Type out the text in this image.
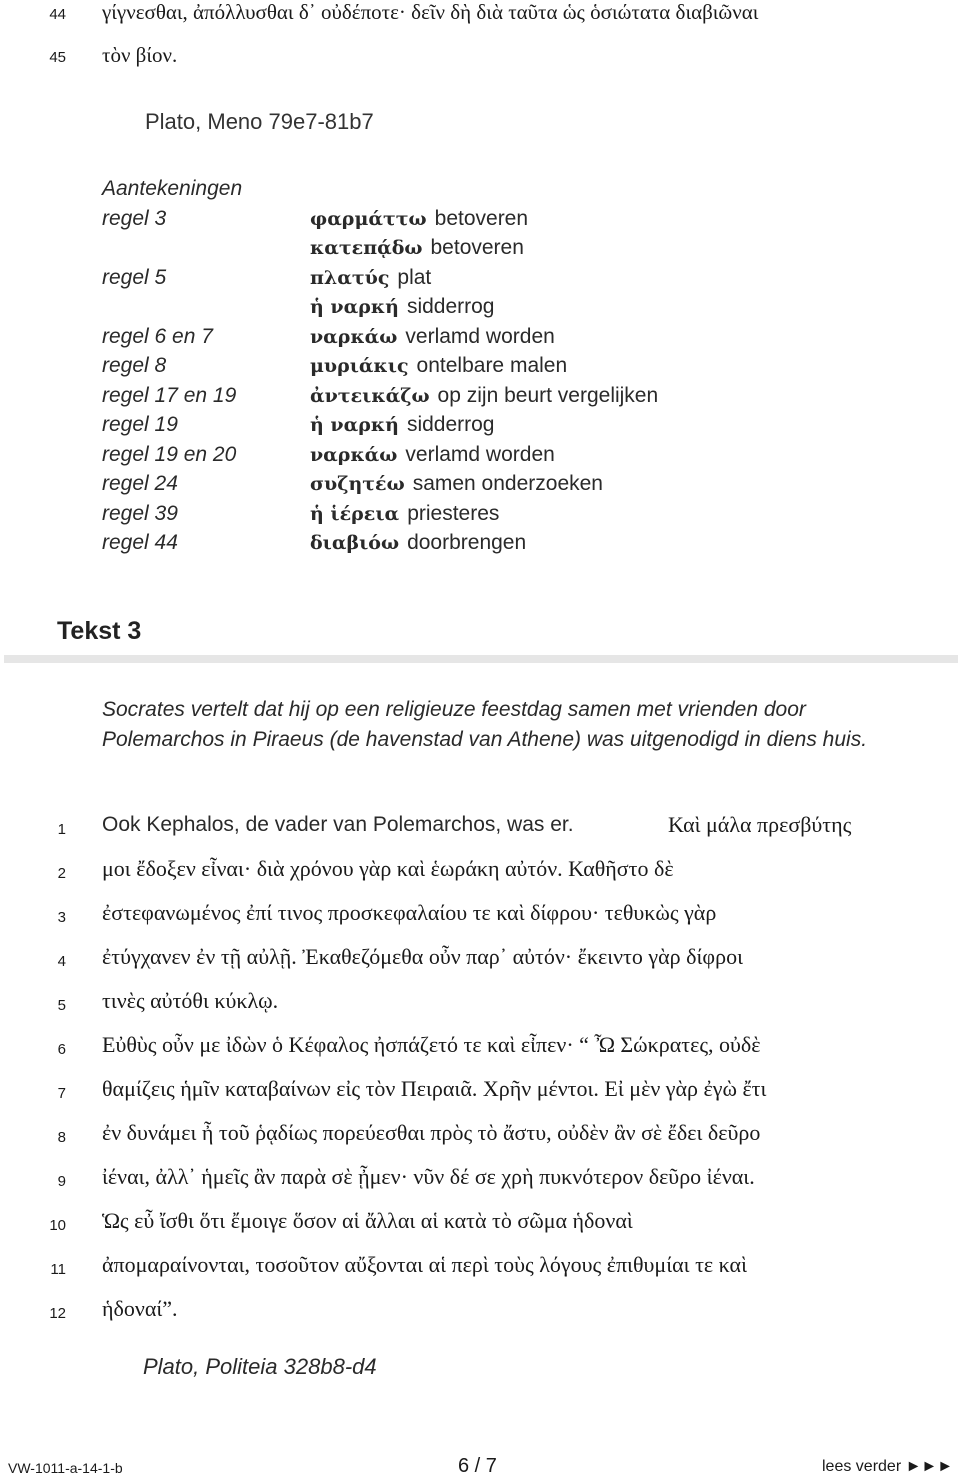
44 γίγνεσθαι, ἀπόλλυσθαι δ᾽ οὐδέποτε· δεῖν δὴ διὰ ταῦτα ὡς ὁσιώτατα διαβιῶναι
45 τὸν βίον.
Plato, Meno 79e7-81b7
Aantekeningen
regel 3	φαρμάττω betoveren
κατεπᾴδω betoveren
regel 5	πλατύς plat
ἡ ναρκή sidderrog
regel 6 en 7	ναρκάω verlamd worden
regel 8	μυριάκις ontelbare malen
regel 17 en 19	ἀντεικάζω op zijn beurt vergelijken
regel 19	ἡ ναρκή sidderrog
regel 19 en 20	ναρκάω verlamd worden
regel 24	συζητέω samen onderzoeken
regel 39	ἡ ἱέρεια priesteres
regel 44	διαβιόω doorbrengen
Tekst 3
Socrates vertelt dat hij op een religieuze feestdag samen met vrienden door Polemarchos in Piraeus (de havenstad van Athene) was uitgenodigd in diens huis.
1 Ook Kephalos, de vader van Polemarchos, was er.	Καὶ μάλα πρεσβύτης
2 μοι ἔδοξεν εἶναι· διὰ χρόνου γὰρ καὶ ἑωράκη αὐτόν. Καθῆστο δὲ
3 ἐστεφανωμένος ἐπί τινος προσκεφαλαίου τε καὶ δίφρου· τεθυκὼς γὰρ
4 ἐτύγχανεν ἐν τῇ αὐλῇ. Ἐκαθεζόμεθα οὖν παρ᾽ αὐτόν· ἔκειντο γὰρ δίφροι
5 τινὲς αὐτόθι κύκλῳ.
6 Εὐθὺς οὖν με ἰδὼν ὁ Κέφαλος ἠσπάζετό τε καὶ εἶπεν· “ Ὦ Σώκρατες, οὐδὲ
7 θαμίζεις ἡμῖν καταβαίνων εἰς τὸν Πειραιᾶ. Χρῆν μέντοι. Εἰ μὲν γὰρ ἐγὼ ἔτι
8 ἐν δυνάμει ἦ τοῦ ῥᾳδίως πορεύεσθαι πρὸς τὸ ἄστυ, οὐδὲν ἂν σὲ ἔδει δεῦρο
9 ἰέναι, ἀλλ᾽ ἡμεῖς ἂν παρὰ σὲ ᾖμεν· νῦν δέ σε χρὴ πυκνότερον δεῦρο ἰέναι.
10 Ὡς εὖ ἴσθι ὅτι ἔμοιγε ὅσον αἱ ἄλλαι αἱ κατὰ τὸ σῶμα ἡδοναὶ
11 ἀπομαραίνονται, τοσοῦτον αὔξονται αἱ περὶ τοὺς λόγους ἐπιθυμίαι τε καὶ
12 ἡδοναί”.
Plato, Politeia 328b8-d4
VW-1011-a-14-1-b	6 / 7	lees verder ►►►
